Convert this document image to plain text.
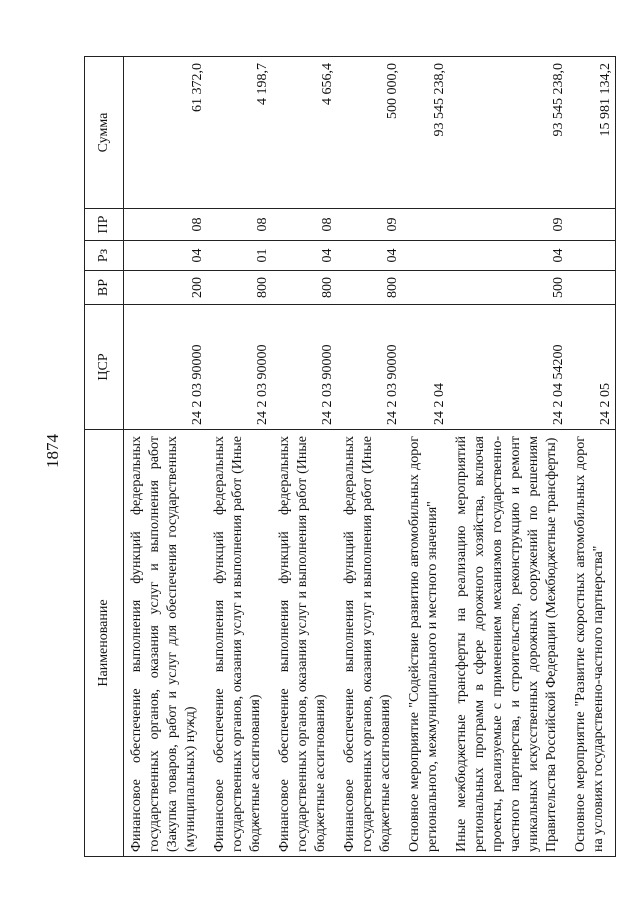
1874
Наименование	ЦСР	ВР	Рз	ПР	Сумма
Финансовое обеспечение выполнения функций федеральных государственных органов, оказания услуг и выполнения работ (Закупка товаров, работ и услуг для обеспечения государственных (муниципальных) нужд)	24 2 03 90000	200	04	08	61 372,0
Финансовое обеспечение выполнения функций федеральных государственных органов, оказания услуг и выполнения работ (Иные бюджетные ассигнования)	24 2 03 90000	800	01	08	4 198,7
Финансовое обеспечение выполнения функций федеральных государственных органов, оказания услуг и выполнения работ (Иные бюджетные ассигнования)	24 2 03 90000	800	04	08	4 656,4
Финансовое обеспечение выполнения функций федеральных государственных органов, оказания услуг и выполнения работ (Иные бюджетные ассигнования)	24 2 03 90000	800	04	09	500 000,0
Основное мероприятие "Содействие развитию автомобильных дорог регионального, межмуниципального и местного значения"	24 2 04				93 545 238,0
Иные межбюджетные трансферты на реализацию мероприятий региональных программ в сфере дорожного хозяйства, включая проекты, реализуемые с применением механизмов государственно-частного партнерства, и строительство, реконструкцию и ремонт уникальных искусственных дорожных сооружений по решениям Правительства Российской Федерации (Межбюджетные трансферты)	24 2 04 54200	500	04	09	93 545 238,0
Основное мероприятие "Развитие скоростных автомобильных дорог на условиях государственно-частного партнерства"	24 2 05				15 981 134,2
